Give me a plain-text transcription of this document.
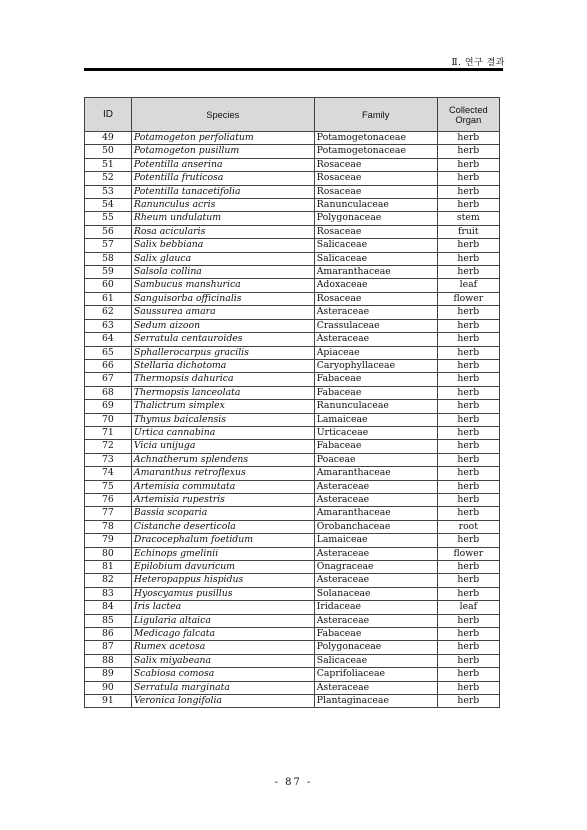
Ⅱ. 연구 결과
ID	Species	Family	Collected
Organ
49	Potamogeton perfoliatum	Potamogetonaceae	herb
50	Potamogeton pusillum	Potamogetonaceae	herb
51	Potentilla anserina	Rosaceae	herb
52	Potentilla fruticosa	Rosaceae	herb
53	Potentilla tanacetifolia	Rosaceae	herb
54	Ranunculus acris	Ranunculaceae	herb
55	Rheum undulatum	Polygonaceae	stem
56	Rosa acicularis	Rosaceae	fruit
57	Salix bebbiana	Salicaceae	herb
58	Salix glauca	Salicaceae	herb
59	Salsola collina	Amaranthaceae	herb
60	Sambucus manshurica	Adoxaceae	leaf
61	Sanguisorba officinalis	Rosaceae	flower
62	Saussurea amara	Asteraceae	herb
63	Sedum aizoon	Crassulaceae	herb
64	Serratula centauroides	Asteraceae	herb
65	Sphallerocarpus gracilis	Apiaceae	herb
66	Stellaria dichotoma	Caryophyllaceae	herb
67	Thermopsis dahurica	Fabaceae	herb
68	Thermopsis lanceolata	Fabaceae	herb
69	Thalictrum simplex	Ranunculaceae	herb
70	Thymus baicalensis	Lamaiceae	herb
71	Urtica cannabina	Urticaceae	herb
72	Vicia unijuga	Fabaceae	herb
73	Achnatherum splendens	Poaceae	herb
74	Amaranthus retroflexus	Amaranthaceae	herb
75	Artemisia commutata	Asteraceae	herb
76	Artemisia rupestris	Asteraceae	herb
77	Bassia scoparia	Amaranthaceae	herb
78	Cistanche deserticola	Orobanchaceae	root
79	Dracocephalum foetidum	Lamaiceae	herb
80	Echinops gmelinii	Asteraceae	flower
81	Epilobium davuricum	Onagraceae	herb
82	Heteropappus hispidus	Asteraceae	herb
83	Hyoscyamus pusillus	Solanaceae	herb
84	Iris lactea	Iridaceae	leaf
85	Ligularia altaica	Asteraceae	herb
86	Medicago falcata	Fabaceae	herb
87	Rumex acetosa	Polygonaceae	herb
88	Salix miyabeana	Salicaceae	herb
89	Scabiosa comosa	Caprifoliaceae	herb
90	Serratula marginata	Asteraceae	herb
91	Veronica longifolia	Plantaginaceae	herb
- 87 -
